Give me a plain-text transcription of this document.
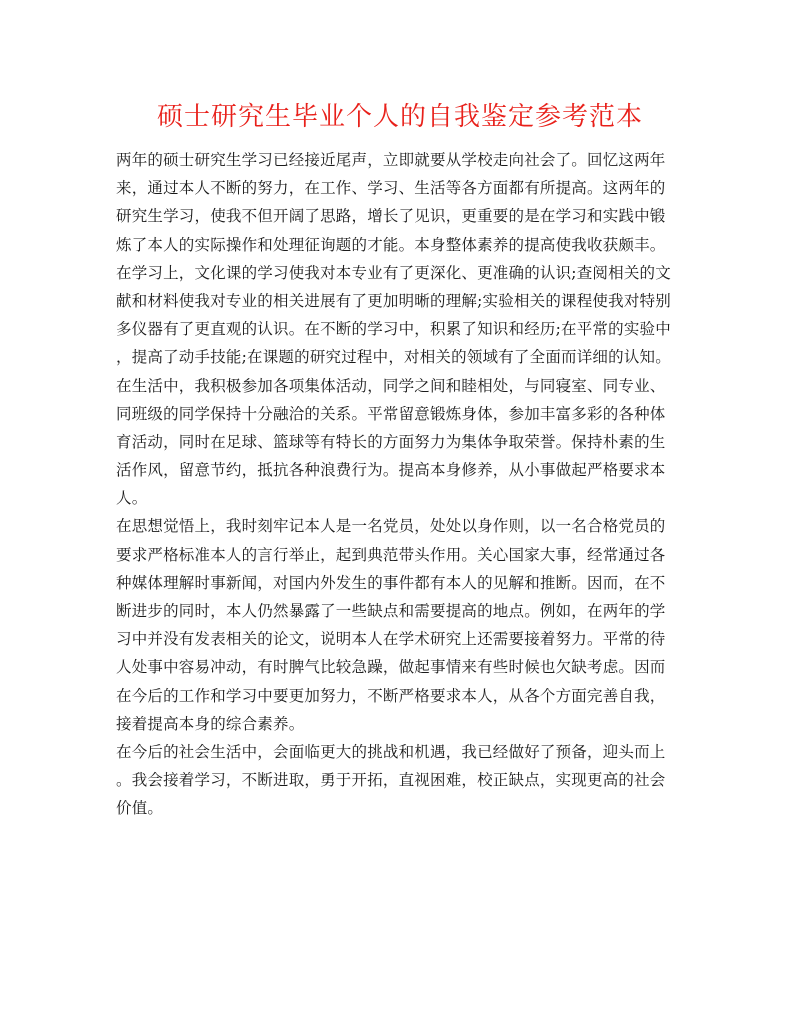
硕士研究生毕业个人的自我鉴定参考范本
两年的硕士研究生学习已经接近尾声，立即就要从学校走向社会了。回忆这两年
来，通过本人不断的努力，在工作、学习、生活等各方面都有所提高。这两年的
研究生学习，使我不但开阔了思路，增长了见识，更重要的是在学习和实践中锻
炼了本人的实际操作和处理征询题的才能。本身整体素养的提高使我收获颇丰。
在学习上，文化课的学习使我对本专业有了更深化、更准确的认识;查阅相关的文
献和材料使我对专业的相关进展有了更加明晰的理解;实验相关的课程使我对特别
多仪器有了更直观的认识。在不断的学习中，积累了知识和经历;在平常的实验中
，提高了动手技能;在课题的研究过程中，对相关的领域有了全面而详细的认知。
在生活中，我积极参加各项集体活动，同学之间和睦相处，与同寝室、同专业、
同班级的同学保持十分融洽的关系。平常留意锻炼身体，参加丰富多彩的各种体
育活动，同时在足球、篮球等有特长的方面努力为集体争取荣誉。保持朴素的生
活作风，留意节约，抵抗各种浪费行为。提高本身修养，从小事做起严格要求本
人。
在思想觉悟上，我时刻牢记本人是一名党员，处处以身作则，以一名合格党员的
要求严格标准本人的言行举止，起到典范带头作用。关心国家大事，经常通过各
种媒体理解时事新闻，对国内外发生的事件都有本人的见解和推断。因而，在不
断进步的同时，本人仍然暴露了一些缺点和需要提高的地点。例如，在两年的学
习中并没有发表相关的论文，说明本人在学术研究上还需要接着努力。平常的待
人处事中容易冲动，有时脾气比较急躁，做起事情来有些时候也欠缺考虑。因而
在今后的工作和学习中要更加努力，不断严格要求本人，从各个方面完善自我，
接着提高本身的综合素养。
在今后的社会生活中，会面临更大的挑战和机遇，我已经做好了预备，迎头而上
。我会接着学习，不断进取，勇于开拓，直视困难，校正缺点，实现更高的社会
价值。
